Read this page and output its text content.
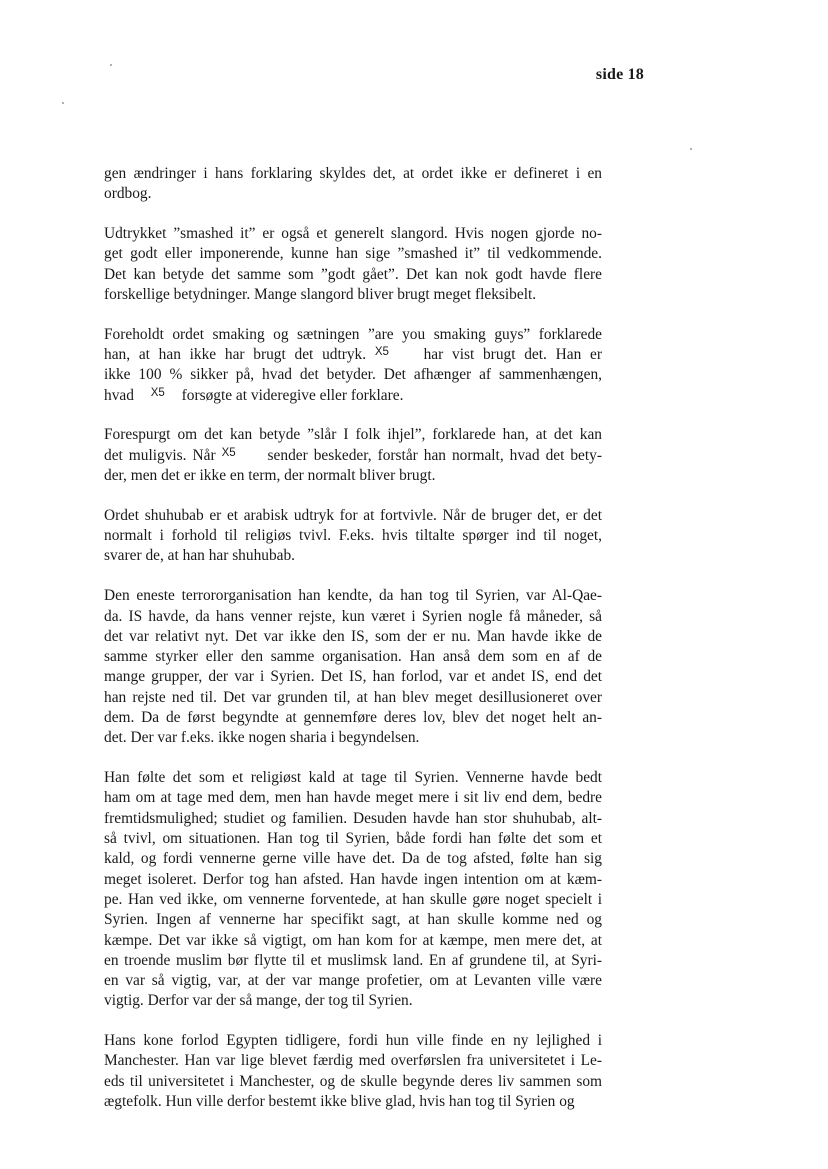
side 18
gen ændringer i hans forklaring skyldes det, at ordet ikke er defineret i en
ordbog.
Udtrykket ”smashed it” er også et generelt slangord. Hvis nogen gjorde no-
get godt eller imponerende, kunne han sige ”smashed it” til vedkommende.
Det kan betyde det samme som ”godt gået”. Det kan nok godt havde flere
forskellige betydninger. Mange slangord bliver brugt meget fleksibelt.
Foreholdt ordet smaking og sætningen ”are you smaking guys” forklarede
han, at han ikke har brugt det udtryk. X5 har vist brugt det. Han er
ikke 100 % sikker på, hvad det betyder. Det afhænger af sammenhængen,
hvad X5 forsøgte at videregive eller forklare.
Forespurgt om det kan betyde ”slår I folk ihjel”, forklarede han, at det kan
det muligvis. Når X5 sender beskeder, forstår han normalt, hvad det bety-
der, men det er ikke en term, der normalt bliver brugt.
Ordet shuhubab er et arabisk udtryk for at fortvivle. Når de bruger det, er det
normalt i forhold til religiøs tvivl. F.eks. hvis tiltalte spørger ind til noget,
svarer de, at han har shuhubab.
Den eneste terrororganisation han kendte, da han tog til Syrien, var Al-Qae-
da. IS havde, da hans venner rejste, kun været i Syrien nogle få måneder, så
det var relativt nyt. Det var ikke den IS, som der er nu. Man havde ikke de
samme styrker eller den samme organisation. Han anså dem som en af de
mange grupper, der var i Syrien. Det IS, han forlod, var et andet IS, end det
han rejste ned til. Det var grunden til, at han blev meget desillusioneret over
dem. Da de først begyndte at gennemføre deres lov, blev det noget helt an-
det. Der var f.eks. ikke nogen sharia i begyndelsen.
Han følte det som et religiøst kald at tage til Syrien. Vennerne havde bedt
ham om at tage med dem, men han havde meget mere i sit liv end dem, bedre
fremtidsmulighed; studiet og familien. Desuden havde han stor shuhubab, alt-
så tvivl, om situationen. Han tog til Syrien, både fordi han følte det som et
kald, og fordi vennerne gerne ville have det. Da de tog afsted, følte han sig
meget isoleret. Derfor tog han afsted. Han havde ingen intention om at kæm-
pe. Han ved ikke, om vennerne forventede, at han skulle gøre noget specielt i
Syrien. Ingen af vennerne har specifikt sagt, at han skulle komme ned og
kæmpe. Det var ikke så vigtigt, om han kom for at kæmpe, men mere det, at
en troende muslim bør flytte til et muslimsk land. En af grundene til, at Syri-
en var så vigtig, var, at der var mange profetier, om at Levanten ville være
vigtig. Derfor var der så mange, der tog til Syrien.
Hans kone forlod Egypten tidligere, fordi hun ville finde en ny lejlighed i
Manchester. Han var lige blevet færdig med overførslen fra universitetet i Le-
eds til universitetet i Manchester, og de skulle begynde deres liv sammen som
ægtefolk. Hun ville derfor bestemt ikke blive glad, hvis han tog til Syrien og
